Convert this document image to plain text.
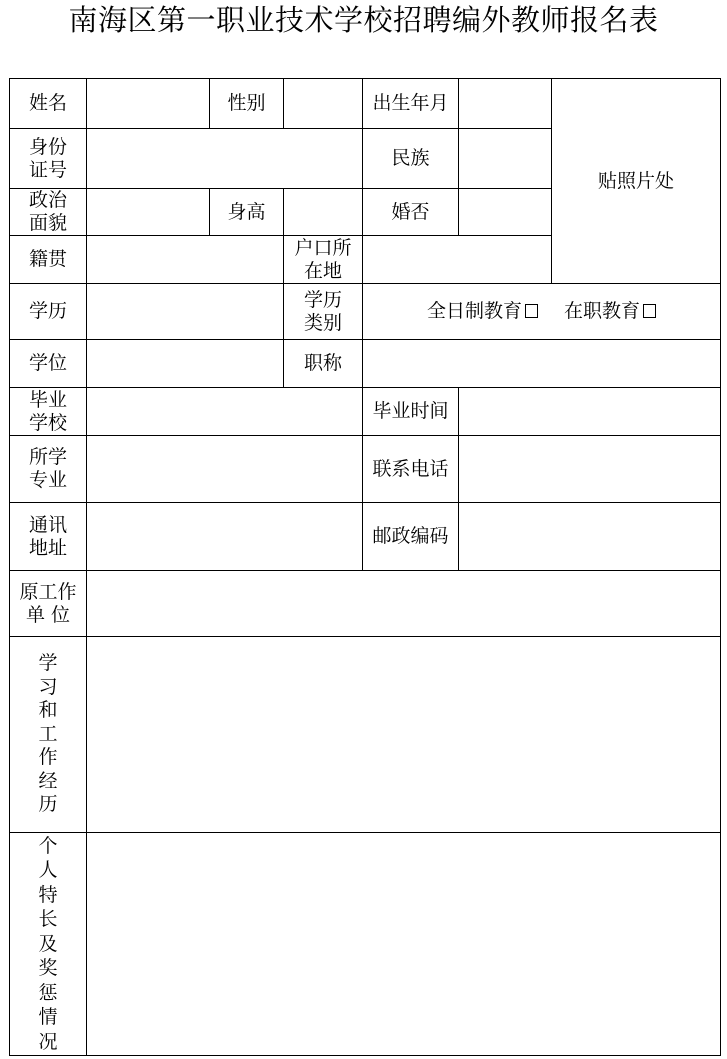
南海区第一职业技术学校招聘编外教师报名表
姓名		性别		出生年月		贴照片处

身份
证号				民族		

政治
面貌		身高		婚否		
籍贯			户口所
在地			

学历			学历
类别	全日制教育 在职教育		
学位			职称			

毕业
学校				毕业时间		

所学
专业				联系电话		

通讯
地址				邮政编码		

原工作
单 位						

学习和工作经历						

个人特长及奖惩情况						
